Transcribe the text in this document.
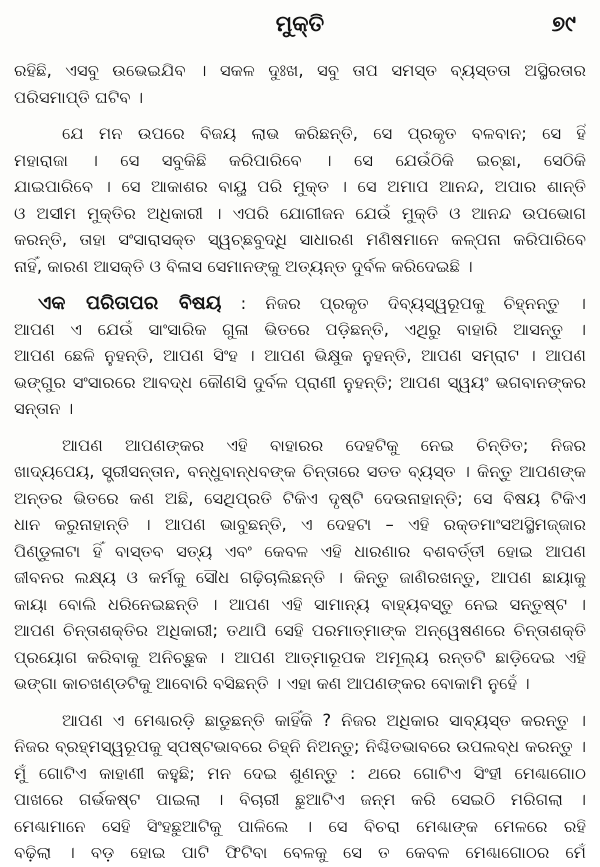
ମୁକ୍ତି	୭୯
ରହିଛି, ଏସବୁ ଉଭେଇଯିବ । ସକଳ ଦୁଃଖ, ସବୁ ତାପ ସମସ୍ତ ବ୍ୟସ୍ତତା ଅସ୍ଥିରତାର
ପରିସମାପ୍ତି ଘଟିବ ।
ଯେ ମନ ଉପରେ ବିଜୟ ଲାଭ କରିଛନ୍ତି, ସେ ପ୍ରକୃତ ବଳବାନ; ସେ ହିଁ
ମହାରାଜା । ସେ ସବୁକିଛି କରିପାରିବେ । ସେ ଯେଉଁଠିକି ଇଚ୍ଛା, ସେଠିକି
ଯାଇପାରିବେ । ସେ ଆକାଶର ବାୟୁ ପରି ମୁକ୍ତ । ସେ ଅମାପ ଆନନ୍ଦ, ଅପାର ଶାନ୍ତି
ଓ ଅସୀମ ମୁକ୍ତିର ଅଧିକାରୀ । ଏପରି ଯୋଗୀଜନ ଯେଉଁ ମୁକ୍ତି ଓ ଆନନ୍ଦ ଉପଭୋଗ
କରନ୍ତି, ତାହା ସଂସାରାସକ୍ତ ସ୍ୱଚ୍ଛବୁଦ୍ଧି ସାଧାରଣ ମଣିଷମାନେ କଳ୍ପନା କରିପାରିବେ
ନାହିଁ, କାରଣ ଆସକ୍ତି ଓ ବିଳାସ ସେମାନଙ୍କୁ ଅତ୍ୟନ୍ତ ଦୁର୍ବଳ କରିଦେଇଛି ।
ଏକ ପରିତାପର ବିଷୟ : ନିଜର ପ୍ରକୃତ ଦିବ୍ୟସ୍ୱରୂପକୁ ଚିହ୍ନନ୍ତୁ ।
ଆପଣ ଏ ଯେଉଁ ସାଂସାରିକ ଗୁଳା ଭିତରେ ପଡ଼ିଛନ୍ତି, ଏଥିରୁ ବାହାରି ଆସନ୍ତୁ ।
ଆପଣ ଛେଳି ନୁହନ୍ତି, ଆପଣ ସିଂହ । ଆପଣ ଭିକ୍ଷୁକ ନୁହନ୍ତି, ଆପଣ ସମ୍ରାଟ । ଆପଣ
ଭଙ୍ଗୁର ସଂସାରରେ ଆବଦ୍ଧ କୌଣସି ଦୁର୍ବଳ ପ୍ରାଣୀ ନୁହନ୍ତି; ଆପଣ ସ୍ୱୟଂ ଭଗବାନଙ୍କର
ସନ୍ତାନ ।
ଆପଣ ଆପଣଙ୍କର ଏହି ବାହାରର ଦେହଟିକୁ ନେଇ ଚିନ୍ତିତ; ନିଜର
ଖାଦ୍ୟପେୟ, ସ୍ତ୍ରୀସନ୍ତାନ, ବନ୍ଧୁବାନ୍ଧବଙ୍କ ଚିନ୍ତାରେ ସତତ ବ୍ୟସ୍ତ । କିନ୍ତୁ ଆପଣଙ୍କ
ଅନ୍ତର ଭିତରେ କଣ ଅଛି, ସେଥିପ୍ରତି ଟିକିଏ ଦୃଷ୍ଟି ଦେଉନାହାନ୍ତି; ସେ ବିଷୟ ଟିକିଏ
ଧାନ କରୁନାହାନ୍ତି । ଆପଣ ଭାବୁଛନ୍ତି, ଏ ଦେହଟା – ଏହି ରକ୍ତମାଂସଅସ୍ଥିମଜ୍ଜାର
ପିଣ୍ଡୁଳାଟା ହିଁ ବାସ୍ତବ ସତ୍ୟ ଏବଂ କେବଳ ଏହି ଧାରଣାର ବଶବର୍ତ୍ତୀ ହୋଇ ଆପଣ
ଜୀବନର ଲକ୍ଷ୍ୟ ଓ କର୍ମକୁ ସୌଧ ଗଢ଼ିଚାଲିଛନ୍ତି । କିନ୍ତୁ ଜାଣିରଖନ୍ତୁ, ଆପଣ ଛାୟାକୁ
କାୟା ବୋଲି ଧରିନେଇଛନ୍ତି । ଆପଣ ଏହି ସାମାନ୍ୟ ବାହ୍ୟବସ୍ତୁ ନେଇ ସନ୍ତୁଷ୍ଟ ।
ଆପଣ ଚିନ୍ତାଶକ୍ତିର ଅଧିକାରୀ; ତଥାପି ସେହି ପରମାତ୍ମାଙ୍କ ଅନ୍ୱେଷଣରେ ଚିନ୍ତାଶକ୍ତି
ପ୍ରୟୋଗ କରିବାକୁ ଅନିଚ୍ଛୁକ । ଆପଣ ଆତ୍ମାରୂପକ ଅମୂଲ୍ୟ ରନ୍ତଟି ଛାଡ଼ିଦେଇ ଏହି
ଭଙ୍ଗା କାଚଖଣ୍ଡଟିକୁ ଆବୋରି ବସିଛନ୍ତି । ଏହା କଣ ଆପଣଙ୍କର ବୋକାମି ନୁହେଁ ।
ଆପଣ ଏ ମେଣ୍ଢାରଡ଼ି ଛାଡୁଛନ୍ତି କାହିଁକି ? ନିଜର ଅଧିକାର ସାବ୍ୟସ୍ତ କରନ୍ତୁ ।
ନିଜର ବ୍ରହ୍ମସ୍ୱରୂପକୁ ସ୍ପଷ୍ଟଭାବରେ ଚିହ୍ନି ନିଅନ୍ତୁ; ନିଶ୍ଚିତଭାବରେ ଉପଲବ୍ଧ କରନ୍ତୁ ।
ମୁଁ ଗୋଟିଏ କାହାଣୀ କହୁଛି; ମନ ଦେଇ ଶୁଣନ୍ତୁ : ଥରେ ଗୋଟିଏ ସିଂହୀ ମେଣ୍ଢାଗୋଠ
ପାଖରେ ଗର୍ଭକଷ୍ଟ ପାଇଲା । ବିଚାରୀ ଛୁଆଟିଏ ଜନ୍ମ କରି ସେଇଠି ମରିଗଲା ।
ମେଣ୍ଢାମାନେ ସେହି ସିଂହଛୁଆଟିକୁ ପାଳିଲେ । ସେ ବିଚରା ମେଣ୍ଢାଙ୍କ ମେଳରେ ରହି
ବଢ଼ିଲା । ବଡ଼ ହୋଇ ପାଟି ଫିଟିବା ବେଳକୁ ସେ ତ କେବଳ ମେଣ୍ଢାଗୋଠର ମେଁ
